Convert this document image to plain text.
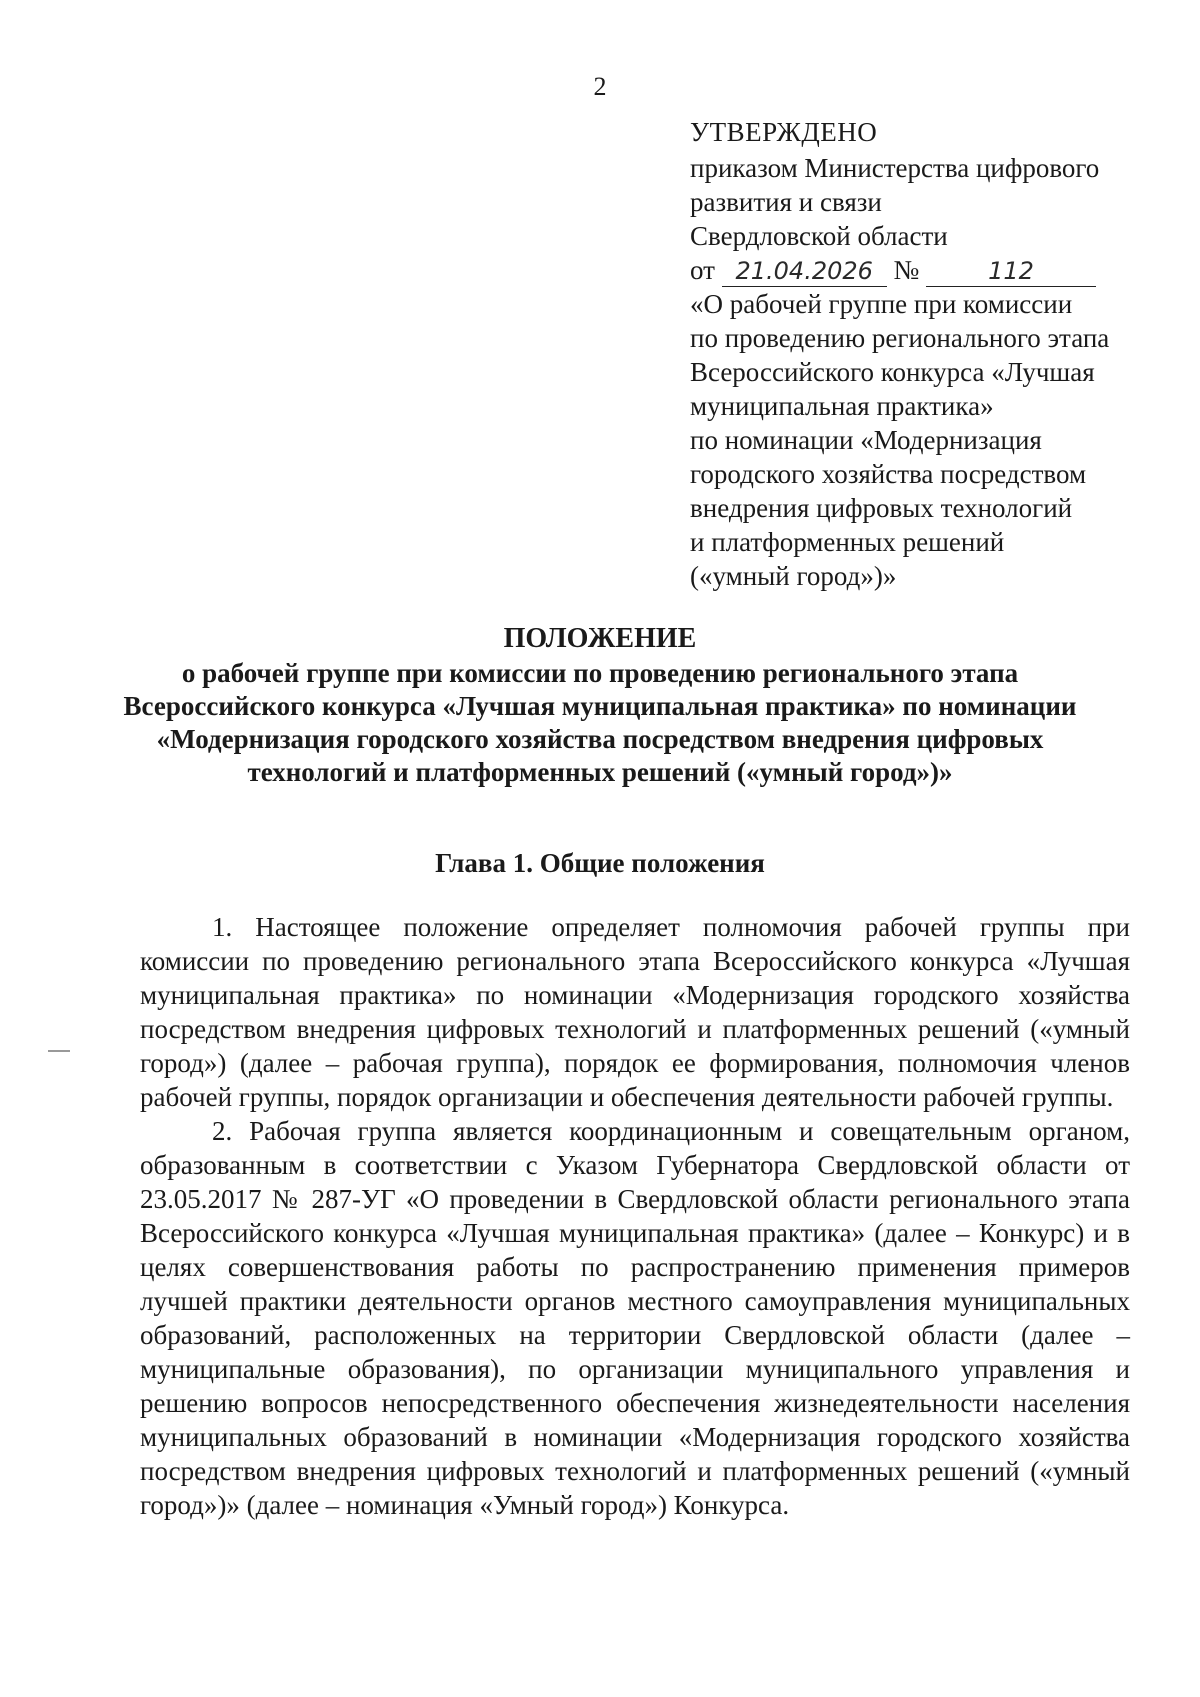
2
УТВЕРЖДЕНО
приказом Министерства цифрового
развития и связи
Свердловской области
от 21.04.2026 №	112
«О рабочей группе при комиссии
по проведению регионального этапа
Всероссийского конкурса «Лучшая
муниципальная практика»
по номинации «Модернизация
городского хозяйства посредством
внедрения цифровых технологий
и платформенных решений
(«умный город»)»
ПОЛОЖЕНИЕ
о рабочей группе при комиссии по проведению регионального этапа
Всероссийского конкурса «Лучшая муниципальная практика» по номинации
«Модернизация городского хозяйства посредством внедрения цифровых
технологий и платформенных решений («умный город»)»
Глава 1. Общие положения

1. Настоящее положение определяет полномочия рабочей группы при комиссии по проведению регионального этапа Всероссийского конкурса «Лучшая муниципальная практика» по номинации «Модернизация городского хозяйства посредством внедрения цифровых технологий и платформенных решений («умный город») (далее – рабочая группа), порядок ее формирования, полномочия членов рабочей группы, порядок организации и обеспечения деятельности рабочей группы.

2. Рабочая группа является координационным и совещательным органом, образованным в соответствии с Указом Губернатора Свердловской области от 23.05.2017 № 287-УГ «О проведении в Свердловской области регионального этапа Всероссийского конкурса «Лучшая муниципальная практика» (далее – Конкурс) и в целях совершенствования работы по распространению применения примеров лучшей практики деятельности органов местного самоуправления муниципальных образований, расположенных на территории Свердловской области (далее – муниципальные образования), по организации муниципального управления и решению вопросов непосредственного обеспечения жизнедеятельности населения муниципальных образований в номинации «Модернизация городского хозяйства посредством внедрения цифровых технологий и платформенных решений («умный город»)» (далее – номинация «Умный город») Конкурса.
